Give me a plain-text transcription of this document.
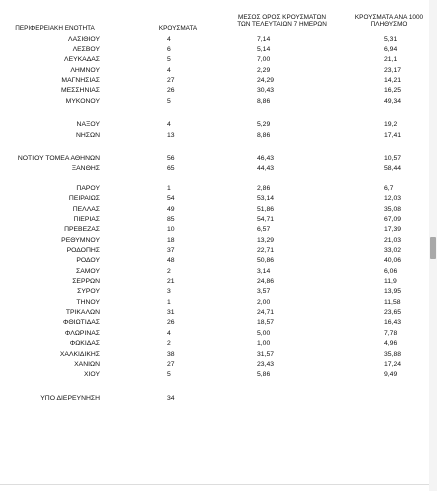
ΠΕΡΙΦΕΡΕΙΑΚΗ ΕΝΟΤΗΤΑ	ΚΡΟΥΣΜΑΤΑ
ΜΕΣΟΣ ΟΡΟΣ ΚΡΟΥΣΜΑΤΩΝ
ΤΩΝ ΤΕΛΕΥΤΑΙΩΝ 7 ΗΜΕΡΩΝ
ΚΡΟΥΣΜΑΤΑ ΑΝΑ 1000
ΠΛΗΘΥΣΜΟ
ΛΑΣΙΘΙΟΥ	4	7,14	5,31
ΛΕΣΒΟΥ	6	5,14	6,94
ΛΕΥΚΑΔΑΣ	5	7,00	21,1
ΛΗΜΝΟΥ	4	2,29	23,17
ΜΑΓΝΗΣΙΑΣ	27	24,29	14,21
ΜΕΣΣΗΝΙΑΣ	26	30,43	16,25
ΜΥΚΟΝΟΥ	5	8,86	49,34
ΝΑΞΟΥ	4	5,29	19,2
ΝΗΣΩΝ	13	8,86	17,41
ΝΟΤΙΟΥ ΤΟΜΕΑ ΑΘΗΝΩΝ	56	46,43	10,57
ΞΑΝΘΗΣ	65	44,43	58,44
ΠΑΡΟΥ	1	2,86	6,7
ΠΕΙΡΑΙΩΣ	54	53,14	12,03
ΠΕΛΛΑΣ	49	51,86	35,08
ΠΙΕΡΙΑΣ	85	54,71	67,09
ΠΡΕΒΕΖΑΣ	10	6,57	17,39
ΡΕΘΥΜΝΟΥ	18	13,29	21,03
ΡΟΔΟΠΗΣ	37	22,71	33,02
ΡΟΔΟΥ	48	50,86	40,06
ΣΑΜΟΥ	2	3,14	6,06
ΣΕΡΡΩΝ	21	24,86	11,9
ΣΥΡΟΥ	3	3,57	13,95
ΤΗΝΟΥ	1	2,00	11,58
ΤΡΙΚΑΛΩΝ	31	24,71	23,65
ΦΘΙΩΤΙΔΑΣ	26	18,57	16,43
ΦΛΩΡΙΝΑΣ	4	5,00	7,78
ΦΩΚΙΔΑΣ	2	1,00	4,96
ΧΑΛΚΙΔΙΚΗΣ	38	31,57	35,88
ΧΑΝΙΩΝ	27	23,43	17,24
ΧΙΟΥ	5	5,86	9,49
ΥΠΟ ΔΙΕΡΕΥΝΗΣΗ	34
